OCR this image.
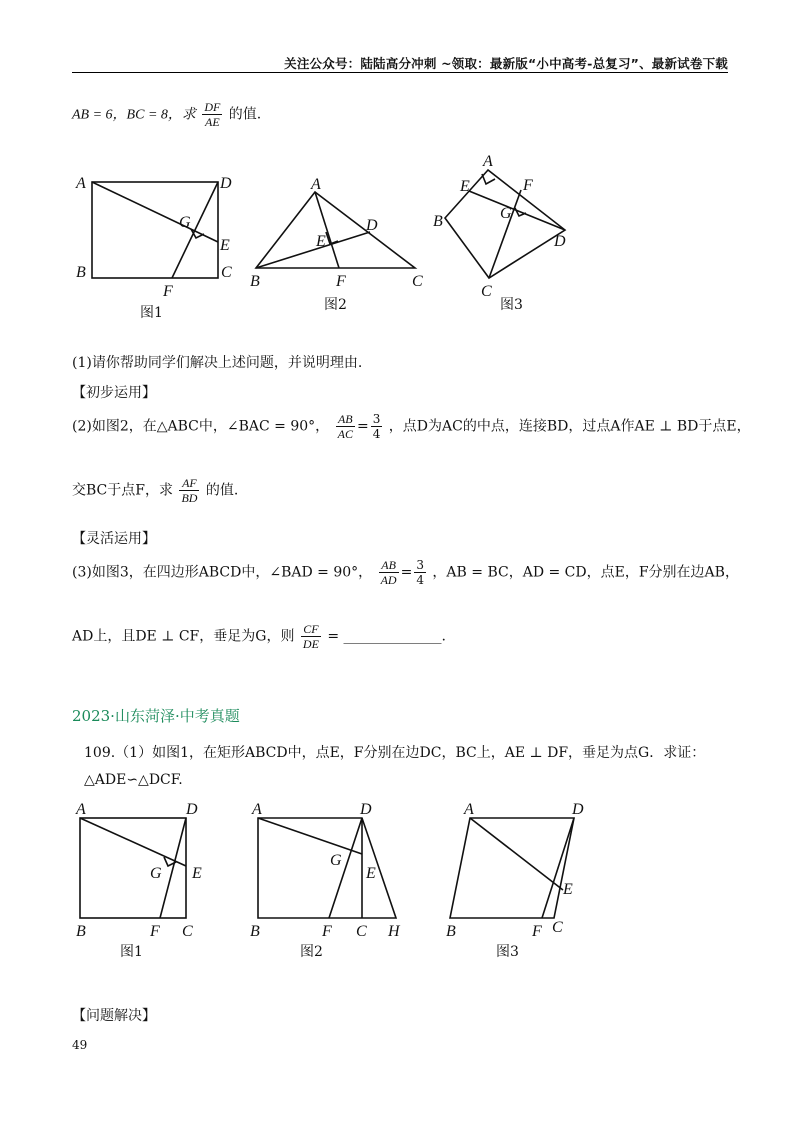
关注公众号：陆陆高分冲刺 ~领取：最新版“小中高考-总复习”、最新试卷下载
AB = 6，BC = 8，求 $\frac{DF}{AE}$ 的值.
A	D
G
E
B
F
C
图1
A
D
E
B	F	C
图2
A
E	F
G
B
D
C
图3
(1)请你帮助同学们解决上述问题，并说明理由.
【初步运用】
(2)如图2，在△ABC中，∠BAC = 90°， $\frac{AB}{AC} = \frac{3}{4}$ ，点D为AC的中点，连接BD，过点A作AE ⊥ BD于点E，
交BC于点F，求 $\frac{AF}{BD}$ 的值.
【灵活运用】
(3)如图3，在四边形ABCD中，∠BAD = 90°， $\frac{AB}{AD} = \frac{3}{4}$ ，AB = BC，AD = CD，点E，F分别在边AB，
AD上，且DE ⊥ CF，垂足为G，则 $\frac{CF}{DE}$ = ______________.
2023·山东菏泽·中考真题
109.（1）如图1，在矩形ABCD中，点E，F分别在边DC，BC上，AE ⊥ DF，垂足为点G．求证：
△ADE∽△DCF.
A	D
G E
B	F C
图1
A	D
G
E
B	F C H
图2
A	D
E
B	F C
图3
【问题解决】
49
